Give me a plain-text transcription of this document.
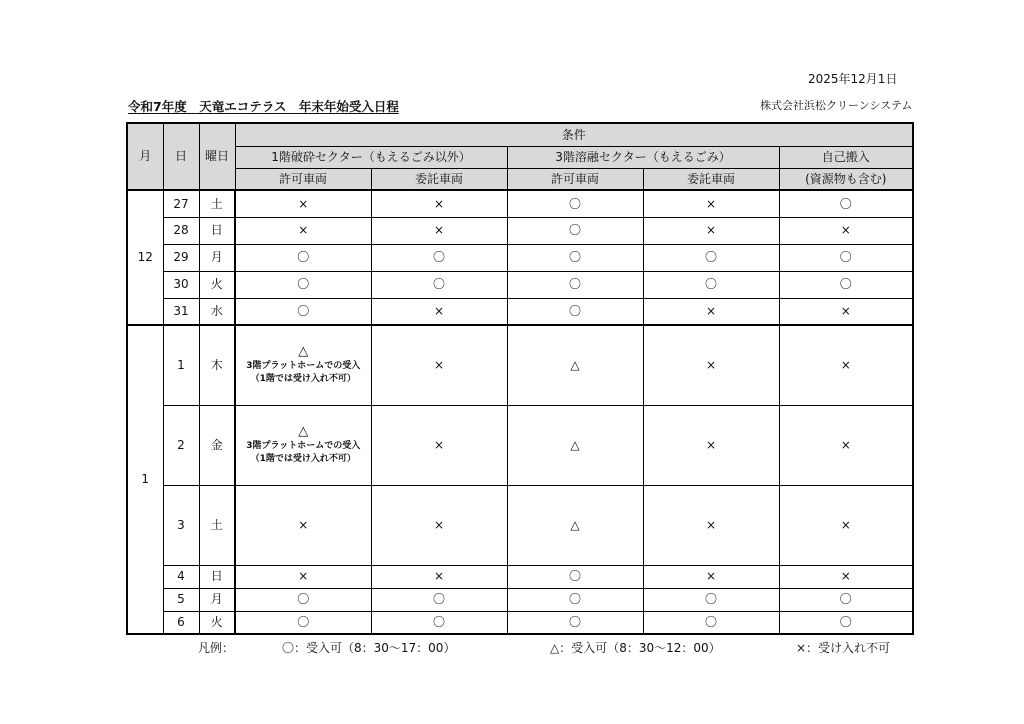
2025年12月1日
令和7年度　天竜エコテラス　年末年始受入日程	株式会社浜松クリーンシステム
月	日	曜日	条件				
			1階破砕セクター（もえるごみ以外）		3階溶融セクター（もえるごみ）		自己搬入
			許可車両	委託車両	許可車両	委託車両	(資源物も含む)
12	27	土	×	×	〇	×	〇
	28	日	×	×	〇	×	×
	29	月	〇	〇	〇	〇	〇
	30	火	〇	〇	〇	〇	〇
	31	水	〇	×	〇	×	×
1	1	木	△
3階プラットホームでの受入
（1階では受け入れ不可）	×	△	×	×
	2	金	△
3階プラットホームでの受入
（1階では受け入れ不可）	×	△	×	×
	3	土	×	×	△	×	×
	4	日	×	×	〇	×	×
	5	月	〇	〇	〇	〇	〇
	6	火	〇	〇	〇	〇	〇
凡例：	〇：受入可（8：30～17：00）	△：受入可（8：30～12：00）	×：受け入れ不可
